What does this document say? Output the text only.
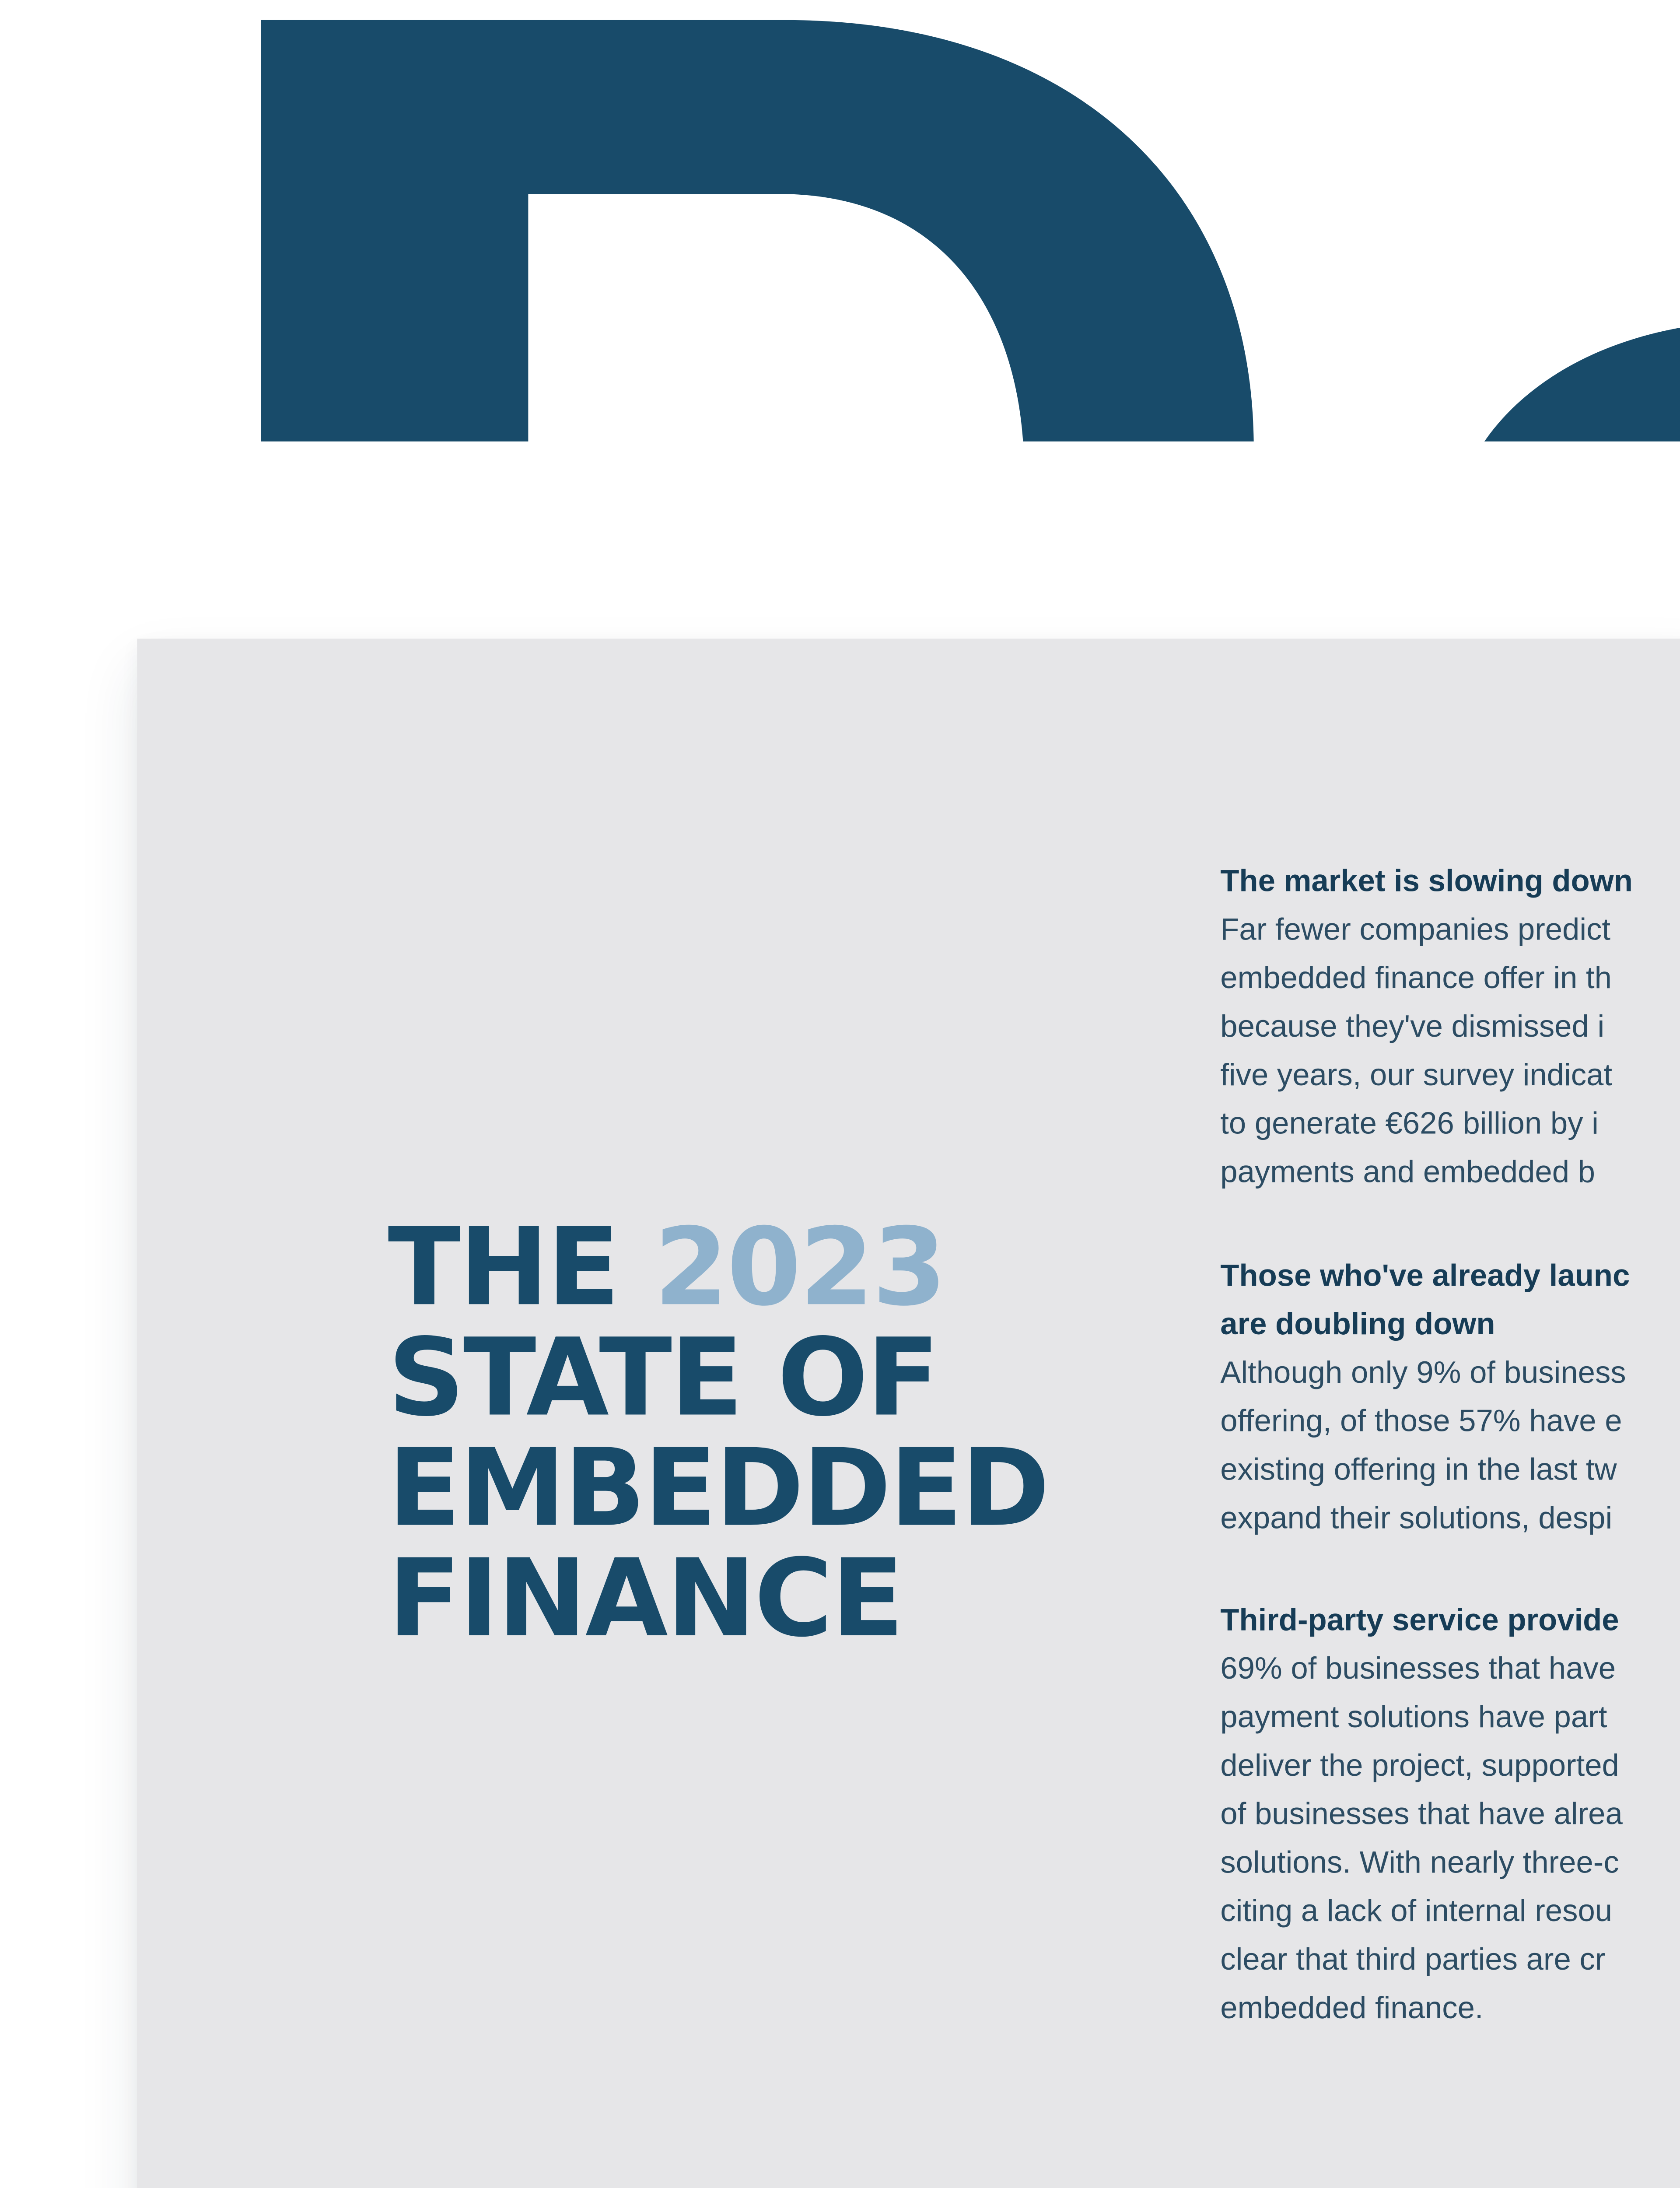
THE 2023
STATE OF
EMBEDDED
FINANCE
The market is slowing down
Far fewer companies predict
embedded finance offer in th
because they've dismissed i
five years, our survey indicat
to generate €626 billion by i
payments and embedded b
Those who've already launc
are doubling down
Although only 9% of business
offering, of those 57% have e
existing offering in the last tw
expand their solutions, despi
Third-party service provide
69% of businesses that have
payment solutions have part
deliver the project, supported
of businesses that have alrea
solutions. With nearly three-c
citing a lack of internal resou
clear that third parties are cr
embedded finance.
